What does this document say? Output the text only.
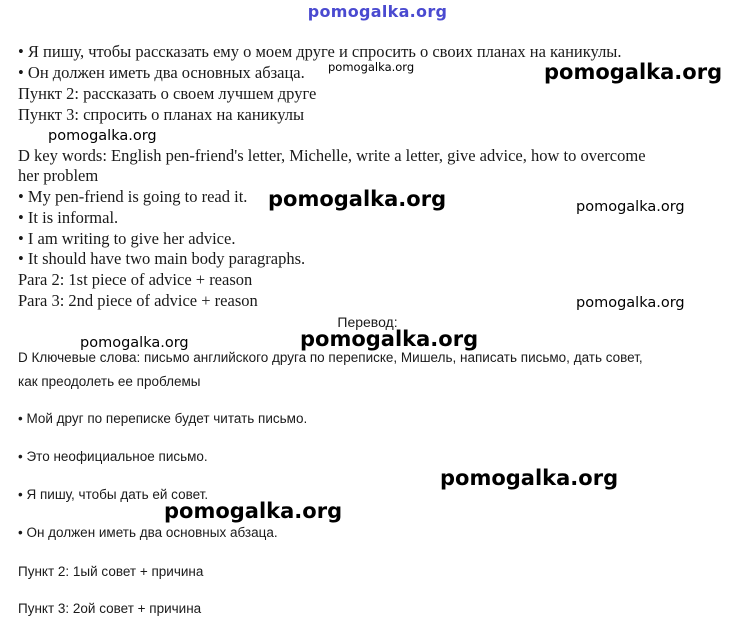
pomogalka.org
• Я пишу, чтобы рассказать ему о моем друге и спросить о своих планах на каникулы.
• Он должен иметь два основных абзаца.
Пункт 2: рассказать о своем лучшем друге
Пункт 3: спросить о планах на каникулы
D key words: English pen-friend's letter, Michelle, write a letter, give advice, how to overcome
her problem
• My pen-friend is going to read it.
• It is informal.
• I am writing to give her advice.
• It should have two main body paragraphs.
Para 2: 1st piece of advice + reason
Para 3: 2nd piece of advice + reason
Перевод:
D Ключевые слова: письмо английского друга по переписке, Мишель, написать письмо, дать совет,
как преодолеть ее проблемы
• Мой друг по переписке будет читать письмо.
• Это неофициальное письмо.
• Я пишу, чтобы дать ей совет.
• Он должен иметь два основных абзаца.
Пункт 2: 1ый совет + причина
Пункт 3: 2ой совет + причина
pomogalka.org	pomogalka.org
pomogalka.org
pomogalka.org	pomogalka.org
pomogalka.org
pomogalka.org	pomogalka.org
pomogalka.org
pomogalka.org
